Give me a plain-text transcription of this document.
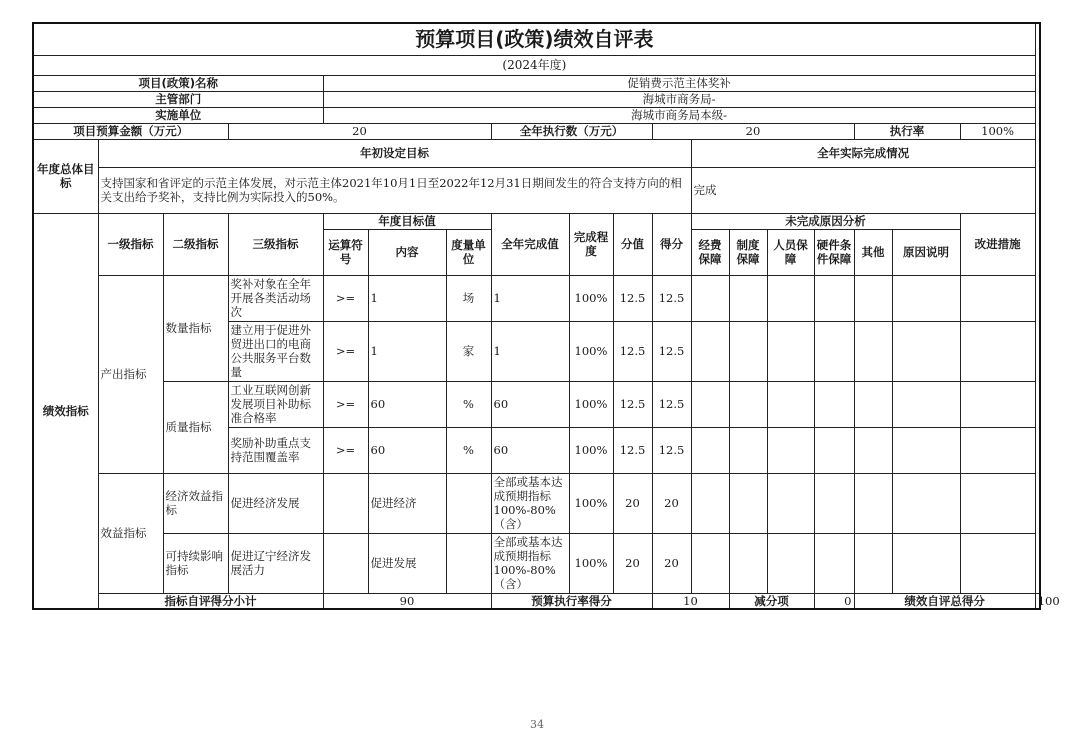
预算项目(政策)绩效自评表																		
(2024年度)																		
项目(政策)名称				促销费示范主体奖补														
主管部门				海城市商务局-														
实施单位				海城市商务局本级-														
项目预算金额（万元）			20				全年执行数（万元）			20					执行率		100%	
年度总体目标	年初设定目标										全年实际完成情况							
	支持国家和省评定的示范主体发展，对示范主体2021年10月1日至2022年12月31日期间发生的符合支持方向的相关支出给予奖补，支持比例为实际投入的50%。										完成							
绩效指标	一级指标	二级指标	三级指标	年度目标值			全年完成值	完成程度	分值	得分	未完成原因分析						改进措施	
				运算符号	内容	度量单位					经费保障	制度保障	人员保障	硬件条件保障	其他	原因说明		
	产出指标	数量指标	奖补对象在全年开展各类活动场次	>=	1	场	1	100%	12.5	12.5								
			建立用于促进外贸进出口的电商公共服务平台数量	>=	1	家	1	100%	12.5	12.5								
		质量指标	工业互联网创新发展项目补助标准合格率	>=	60	%	60	100%	12.5	12.5								
			奖励补助重点支持范围覆盖率	>=	60	%	60	100%	12.5	12.5								
	效益指标	经济效益指标	促进经济发展		促进经济		全部或基本达成预期指标100%-80%（含）	100%	20	20								
		可持续影响指标	促进辽宁经济发展活力		促进发展		全部或基本达成预期指标100%-80%（含）	100%	20	20								
	指标自评得分小计			90			预算执行率得分			10		减分项		0	绩效自评总得分			100
34
